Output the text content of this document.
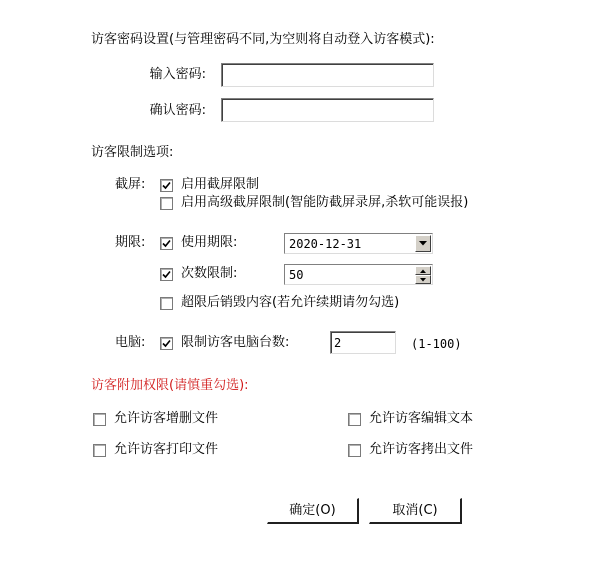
访客密码设置(与管理密码不同,为空则将自动登入访客模式):
输入密码:
确认密码:
访客限制选项:
截屏:	启用截屏限制
启用高级截屏限制(智能防截屏录屏,杀软可能误报)
期限:	使用期限:	2020-12-31
次数限制:	50
超限后销毁内容(若允许续期请勿勾选)
电脑:	限制访客电脑台数:	2	(1-100)
访客附加权限(请慎重勾选):
允许访客增删文件	允许访客编辑文本
允许访客打印文件	允许访客拷出文件
确定(O)	取消(C)
